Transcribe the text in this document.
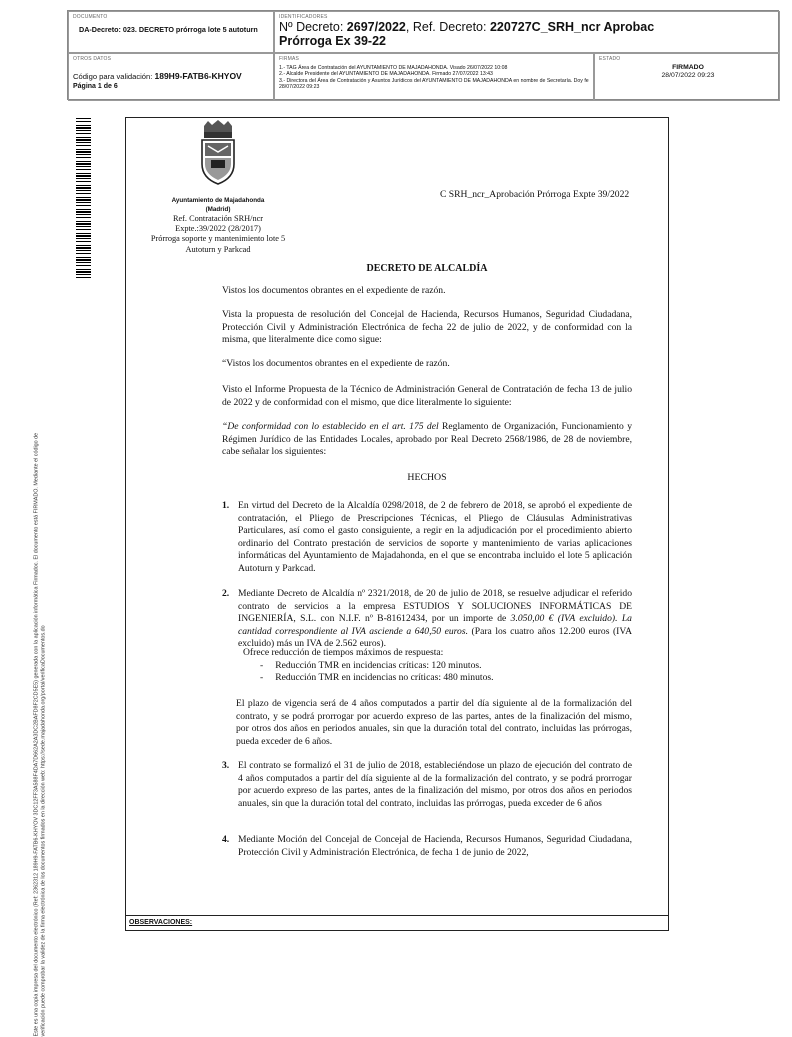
DOCUMENTO
DA-Decreto: 023. DECRETO prórroga lote 5 autoturn
IDENTIFICADORES
Nº Decreto: 2697/2022, Ref. Decreto: 220727C_SRH_ncr Aprobac Prórroga Ex 39-22
OTROS DATOS
Código para validación: 189H9-FATB6-KHYOV
Página 1 de 6
FIRMAS
1.- TAG Área de Contratación del AYUNTAMIENTO DE MAJADAHONDA. Visado 26/07/2022 10:08
2.- Alcalde Presidente del AYUNTAMIENTO DE MAJADAHONDA. Firmado 27/07/2022 13:43
3.- Directora del Área de Contratación y Asuntos Jurídicos del AYUNTAMIENTO DE MAJADAHONDA en nombre de Secretaría. Doy fe 28/07/2022 09:23
ESTADO
FIRMADO
28/07/2022 09:23
Este es una copia impresa del documento electrónico (Ref: 2362312 189H9-FATB6-KHYOV 3DC12FF3A588F4DA7D662A2A3DC2BAFD8F2CD5E5) generada con la aplicación informática Firmadoc. El documento está FIRMADO. Mediante el código de verificación puede comprobar la validez de la firma electrónica de los documentos firmados en la dirección web: https://sede.majadahonda.org/portal/verificaDocumentos.do
Ayuntamiento de Majadahonda
(Madrid)
Ref. Contratación SRH/ncr
Expte.:39/2022 (28/2017)
Prórroga soporte y mantenimiento lote 5
Autoturn y Parkcad
C SRH_ncr_Aprobación Prórroga Expte 39/2022
DECRETO DE ALCALDÍA
Vistos los documentos obrantes en el expediente de razón.
Vista la propuesta de resolución del Concejal de Hacienda, Recursos Humanos, Seguridad Ciudadana, Protección Civil y Administración Electrónica de fecha 22 de julio de 2022, y de conformidad con la misma, que literalmente dice como sigue:
“Vistos los documentos obrantes en el expediente de razón.
Visto el Informe Propuesta de la Técnico de Administración General de Contratación de fecha 13 de julio de 2022 y de conformidad con el mismo, que dice literalmente lo siguiente:
“De conformidad con lo establecido en el art. 175 del Reglamento de Organización, Funcionamiento y Régimen Jurídico de las Entidades Locales, aprobado por Real Decreto 2568/1986, de 28 de noviembre, cabe señalar los siguientes:
HECHOS
1. En virtud del Decreto de la Alcaldía 0298/2018, de 2 de febrero de 2018, se aprobó el expediente de contratación, el Pliego de Prescripciones Técnicas, el Pliego de Cláusulas Administrativas Particulares, así como el gasto consiguiente, a regir en la adjudicación por el procedimiento abierto ordinario del Contrato prestación de servicios de soporte y mantenimiento de varias aplicaciones informáticas del Ayuntamiento de Majadahonda, en el que se encontraba incluido el lote 5 aplicación Autoturn y Parkcad.
2. Mediante Decreto de Alcaldía nº 2321/2018, de 20 de julio de 2018, se resuelve adjudicar el referido contrato de servicios a la empresa ESTUDIOS Y SOLUCIONES INFORMÁTICAS DE INGENIERÍA, S.L. con N.I.F. nº B-81612434, por un importe de 3.050,00 € (IVA excluido). La cantidad correspondiente al IVA asciende a 640,50 euros. (Para los cuatro años 12.200 euros (IVA excluido) más un IVA de 2.562 euros).
Ofrece reducción de tiempos máximos de respuesta:
-     Reducción TMR en incidencias críticas: 120 minutos.
-     Reducción TMR en incidencias no críticas: 480 minutos.
El plazo de vigencia será de 4 años computados a partir del día siguiente al de la formalización del contrato, y se podrá prorrogar por acuerdo expreso de las partes, antes de la finalización del mismo, por otros dos años en periodos anuales, sin que la duración total del contrato, incluidas las prórrogas, pueda exceder de 6 años.
3. El contrato se formalizó el 31 de julio de 2018, estableciéndose un plazo de ejecución del contrato de 4 años computados a partir del día siguiente al de la formalización del contrato, y se podrá prorrogar por acuerdo expreso de las partes, antes de la finalización del mismo, por otros dos años en periodos anuales, sin que la duración total del contrato, incluidas las prórrogas, pueda exceder de 6 años
4. Mediante Moción del Concejal de Concejal de Hacienda, Recursos Humanos, Seguridad Ciudadana, Protección Civil y Administración Electrónica, de fecha 1 de junio de 2022,
OBSERVACIONES:
